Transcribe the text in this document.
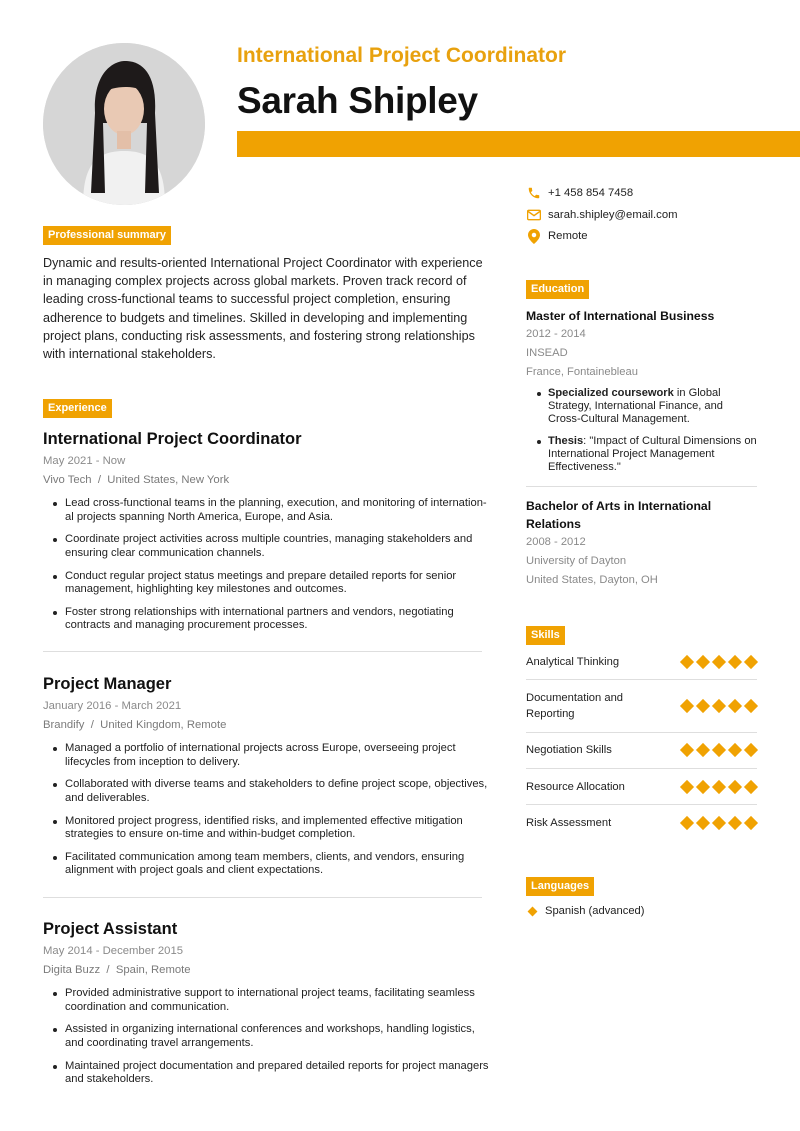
International Project Coordinator
Sarah Shipley
Professional summary
Dynamic and results-oriented International Project Coordinator with experience in managing complex projects across global markets. Proven track record of leading cross-functional teams to successful project completion, ensuring adherence to budgets and timelines. Skilled in developing and implementing project plans, conducting risk assessments, and fostering strong relationships with international stakeholders.
Experience
International Project Coordinator
May 2021 - Now
Vivo Tech / United States, New York
Lead cross-functional teams in the planning, execution, and monitoring of internation-al projects spanning North America, Europe, and Asia.
Coordinate project activities across multiple countries, managing stakeholders and ensuring clear communication channels.
Conduct regular project status meetings and prepare detailed reports for senior management, highlighting key milestones and outcomes.
Foster strong relationships with international partners and vendors, negotiating contracts and managing procurement processes.
Project Manager
January 2016 - March 2021
Brandify / United Kingdom, Remote
Managed a portfolio of international projects across Europe, overseeing project lifecycles from inception to delivery.
Collaborated with diverse teams and stakeholders to define project scope, objectives, and deliverables.
Monitored project progress, identified risks, and implemented effective mitigation strategies to ensure on-time and within-budget completion.
Facilitated communication among team members, clients, and vendors, ensuring alignment with project goals and client expectations.
Project Assistant
May 2014 - December 2015
Digita Buzz / Spain, Remote
Provided administrative support to international project teams, facilitating seamless coordination and communication.
Assisted in organizing international conferences and workshops, handling logistics, and coordinating travel arrangements.
Maintained project documentation and prepared detailed reports for project managers and stakeholders.
+1 458 854 7458
sarah.shipley@email.com
Remote
Education
Master of International Business
2012 - 2014
INSEAD
France, Fontainebleau
Specialized coursework in Global Strategy, International Finance, and Cross-Cultural Management.
Thesis: "Impact of Cultural Dimensions on International Project Management Effectiveness."
Bachelor of Arts in International Relations
2008 - 2012
University of Dayton
United States, Dayton, OH
Skills
Analytical Thinking
Documentation and Reporting
Negotiation Skills
Resource Allocation
Risk Assessment
Languages
Spanish (advanced)
